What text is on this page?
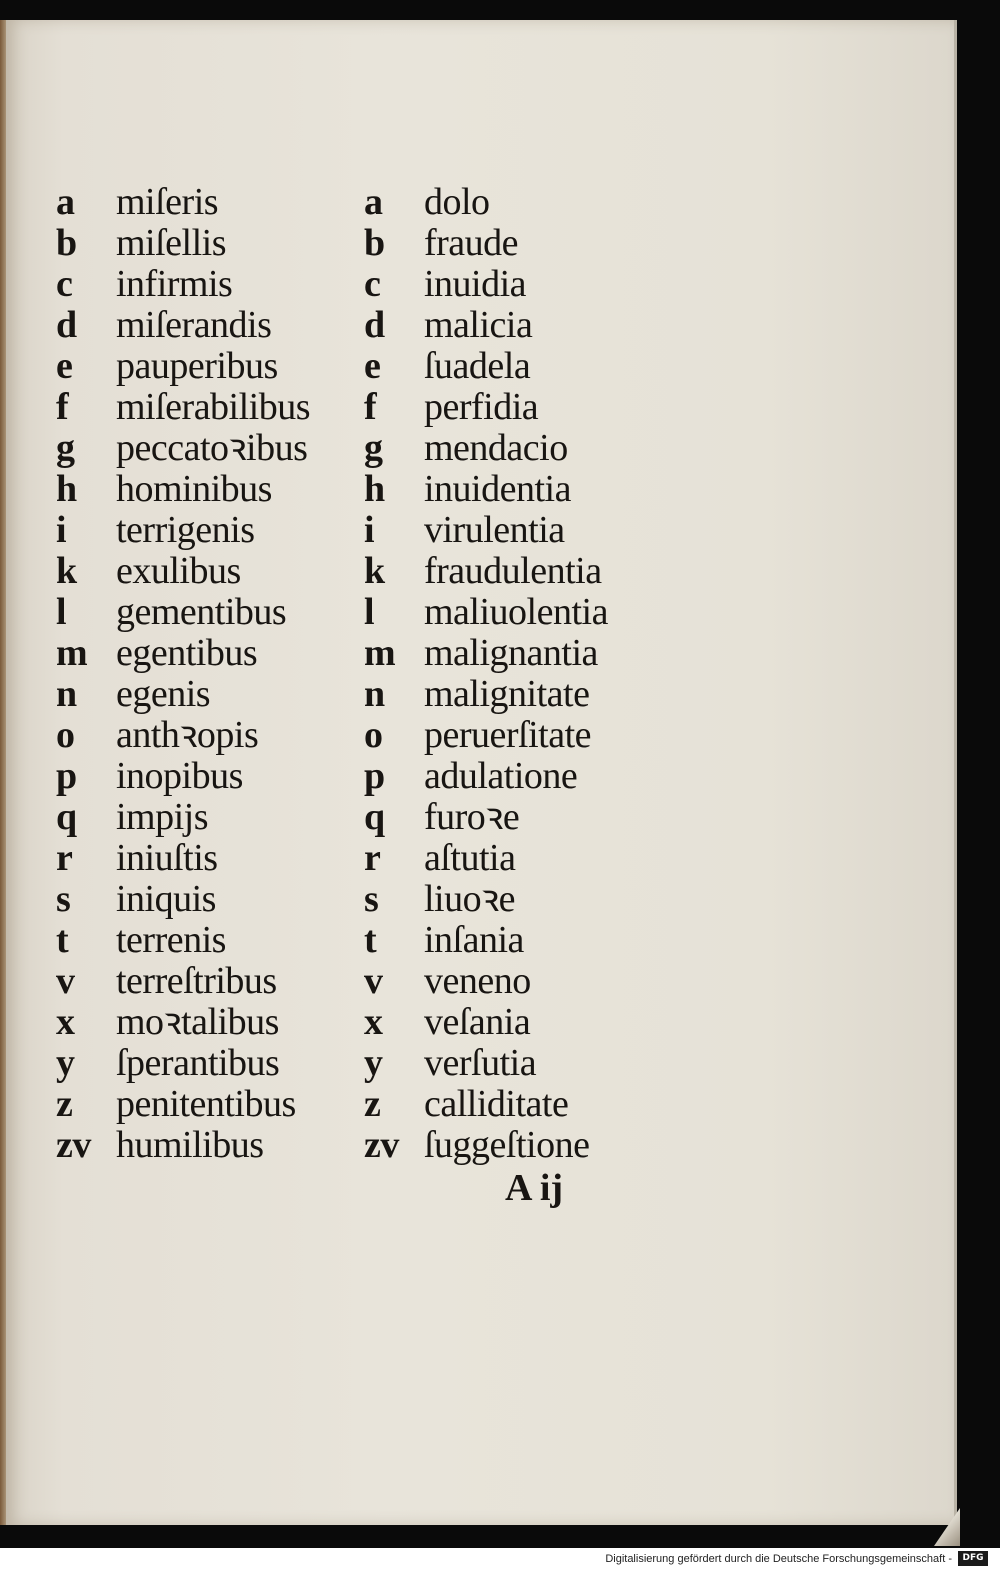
a miſeris
b miſellis
c infirmis
d miſerandis
e pauperibus
f miſerabilibus
g peccatoꝛibus
h hominibus
i terrigenis
k exulibus
l gementibus
m egentibus
n egenis
o anthꝛopis
p inopibus
q impijs
r iniuſtis
s iniquis
t terrenis
v terreſtribus
x moꝛtalibus
y ſperantibus
z penitentibus
zv humilibus
a dolo
b fraude
c inuidia
d malicia
e ſuadela
f perfidia
g mendacio
h inuidentia
i virulentia
k fraudulentia
l maliuolentia
m malignantia
n malignitate
o peruerſitate
p adulatione
q furoꝛe
r aſtutia
s liuoꝛe
t inſania
v veneno
x veſania
y verſutia
z calliditate
zv ſuggeſtione
A ij
Digitalisierung gefördert durch die Deutsche Forschungsgemeinschaft -	DFG
